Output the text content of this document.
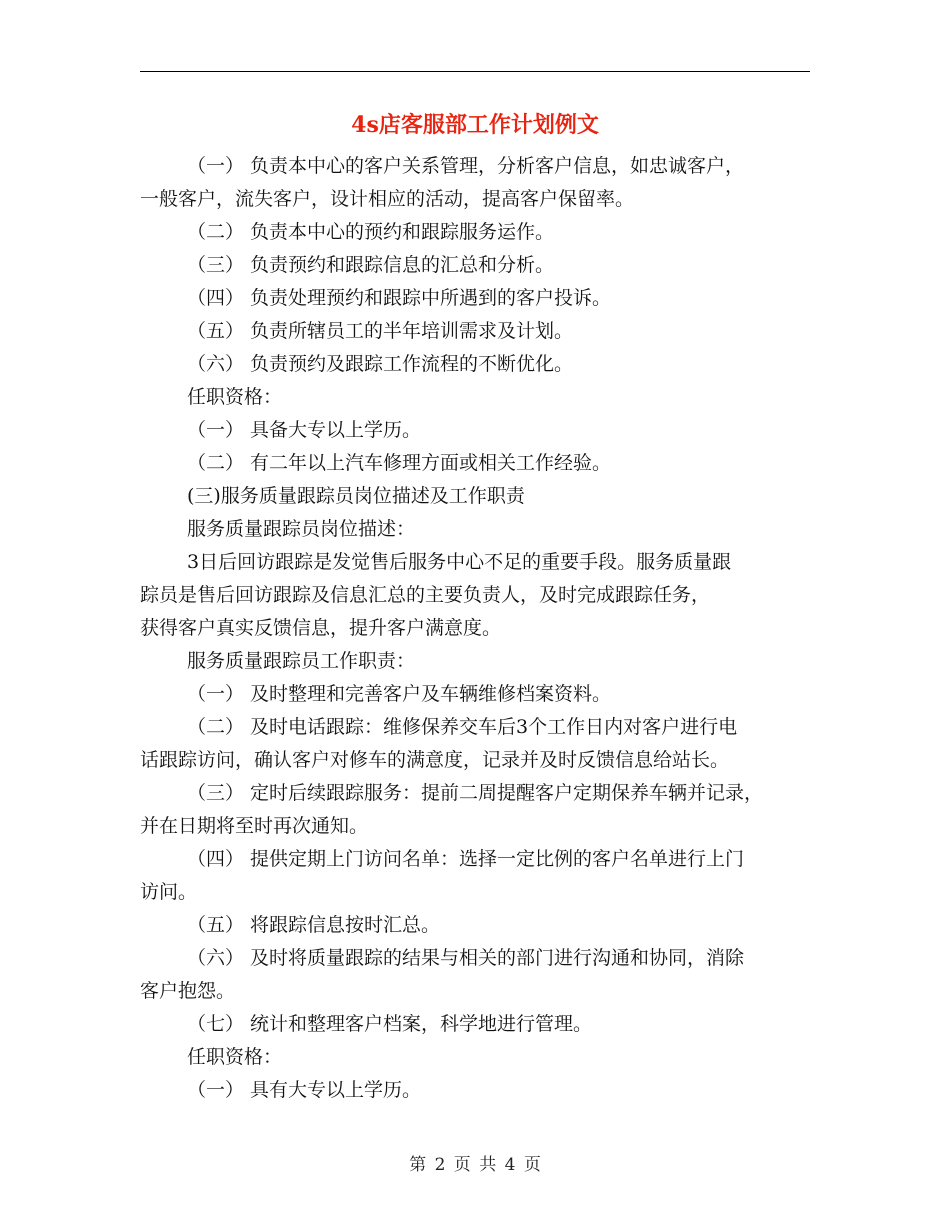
4s店客服部工作计划例文
（一） 负责本中心的客户关系管理，分析客户信息，如忠诚客户，
一般客户，流失客户，设计相应的活动，提高客户保留率。
（二） 负责本中心的预约和跟踪服务运作。
（三） 负责预约和跟踪信息的汇总和分析。
（四） 负责处理预约和跟踪中所遇到的客户投诉。
（五） 负责所辖员工的半年培训需求及计划。
（六） 负责预约及跟踪工作流程的不断优化。
任职资格：
（一） 具备大专以上学历。
（二） 有二年以上汽车修理方面或相关工作经验。
(三)服务质量跟踪员岗位描述及工作职责
服务质量跟踪员岗位描述：
3日后回访跟踪是发觉售后服务中心不足的重要手段。服务质量跟
踪员是售后回访跟踪及信息汇总的主要负责人，及时完成跟踪任务，
获得客户真实反馈信息，提升客户满意度。
服务质量跟踪员工作职责：
（一） 及时整理和完善客户及车辆维修档案资料。
（二） 及时电话跟踪：维修保养交车后3个工作日内对客户进行电
话跟踪访问，确认客户对修车的满意度，记录并及时反馈信息给站长。
（三） 定时后续跟踪服务：提前二周提醒客户定期保养车辆并记录，
并在日期将至时再次通知。
（四） 提供定期上门访问名单：选择一定比例的客户名单进行上门
访问。
（五） 将跟踪信息按时汇总。
（六） 及时将质量跟踪的结果与相关的部门进行沟通和协同，消除
客户抱怨。
（七） 统计和整理客户档案，科学地进行管理。
任职资格：
（一） 具有大专以上学历。
第 2 页 共 4 页
